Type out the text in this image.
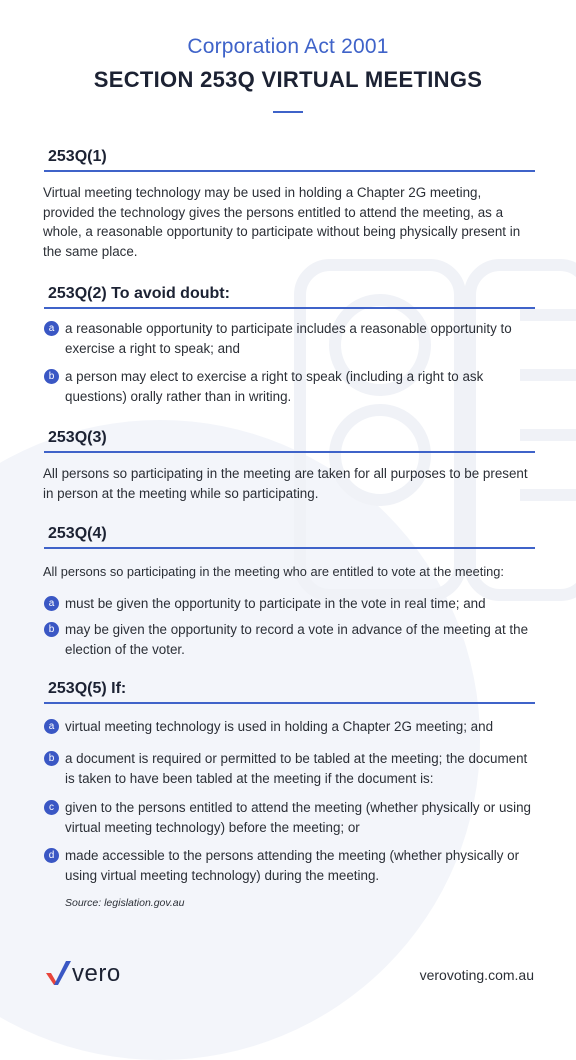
Corporation Act 2001
SECTION 253Q VIRTUAL MEETINGS
253Q(1)
Virtual meeting technology may be used in holding a Chapter 2G meeting, provided the technology gives the persons entitled to attend the meeting, as a whole, a reasonable opportunity to participate without being physically present in the same place.
253Q(2) To avoid doubt:
a a reasonable opportunity to participate includes a reasonable opportunity to exercise a right to speak; and
b a person may elect to exercise a right to speak (including a right to ask questions) orally rather than in writing.
253Q(3)
All persons so participating in the meeting are taken for all purposes to be present in person at the meeting while so participating.
253Q(4)
All persons so participating in the meeting who are entitled to vote at the meeting:
a must be given the opportunity to participate in the vote in real time; and
b may be given the opportunity to record a vote in advance of the meeting at the election of the voter.
253Q(5) If:
a virtual meeting technology is used in holding a Chapter 2G meeting; and
b a document is required or permitted to be tabled at the meeting; the document is taken to have been tabled at the meeting if the document is:
c given to the persons entitled to attend the meeting (whether physically or using virtual meeting technology) before the meeting; or
d made accessible to the persons attending the meeting (whether physically or using virtual meeting technology) during the meeting.
Source: legislation.gov.au
vero	verovoting.com.au
